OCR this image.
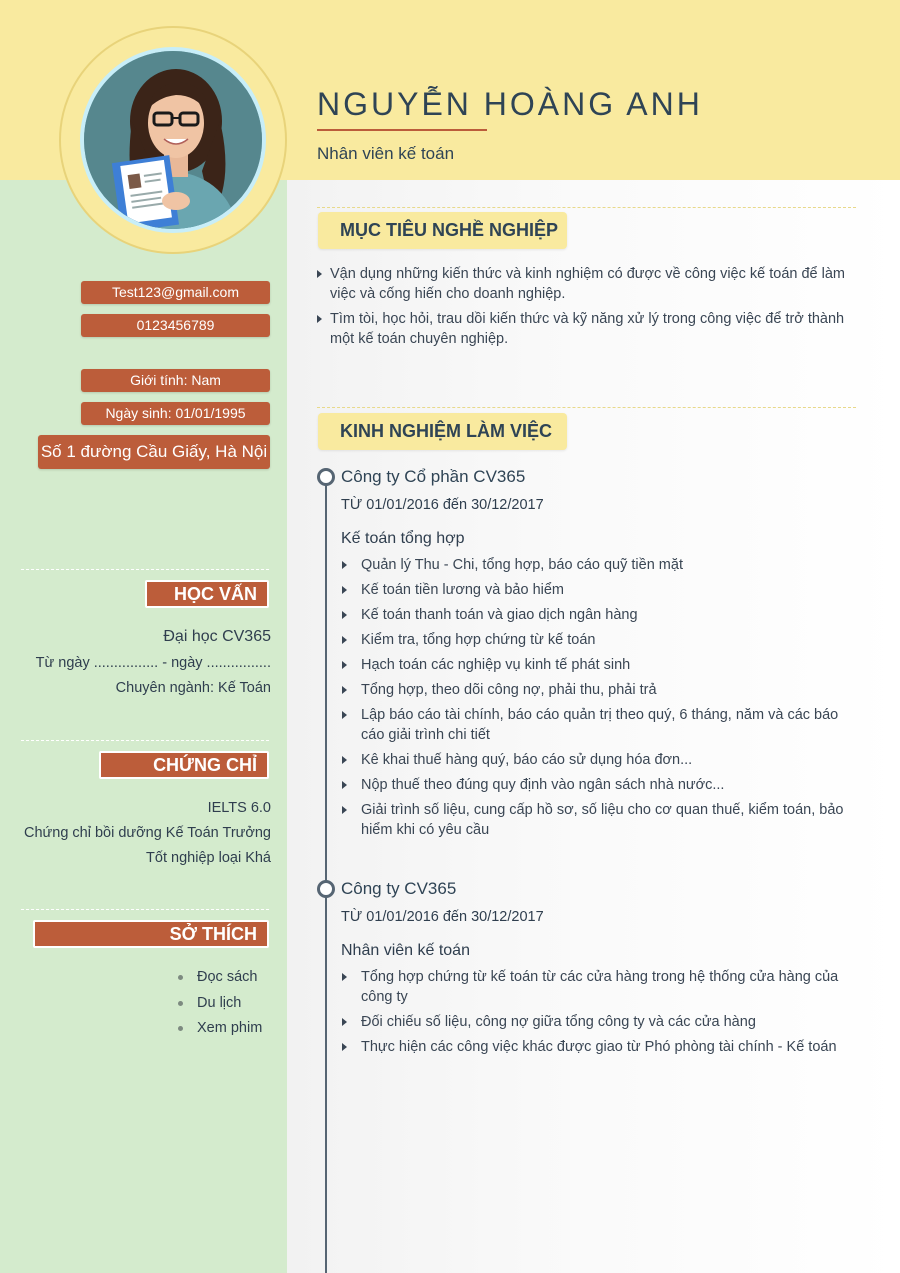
NGUYỄN HOÀNG ANH
Nhân viên kế toán
Test123@gmail.com
0123456789
Giới tính: Nam
Ngày sinh: 01/01/1995
Số 1 đường Cầu Giấy, Hà Nội
HỌC VẤN
Đại học CV365
Từ ngày ................ - ngày ................
Chuyên ngành: Kế Toán
CHỨNG CHỈ
IELTS 6.0
Chứng chỉ bồi dưỡng Kế Toán Trưởng
Tốt nghiệp loại Khá
SỞ THÍCH
Đọc sách
Du lịch
Xem phim
MỤC TIÊU NGHỀ NGHIỆP
Vận dụng những kiến thức và kinh nghiệm có được về công việc kế toán để làm việc và cống hiến cho doanh nghiệp.
Tìm tòi, học hỏi, trau dồi kiến thức và kỹ năng xử lý trong công việc để trở thành một kế toán chuyên nghiệp.
KINH NGHIỆM LÀM VIỆC
Công ty Cổ phần CV365
TỪ 01/01/2016 đến 30/12/2017
Kế toán tổng hợp
Quản lý Thu - Chi, tổng hợp, báo cáo quỹ tiền mặt
Kế toán tiền lương và bảo hiểm
Kế toán thanh toán và giao dịch ngân hàng
Kiểm tra, tổng hợp chứng từ kế toán
Hạch toán các nghiệp vụ kinh tế phát sinh
Tổng hợp, theo dõi công nợ, phải thu, phải trả
Lập báo cáo tài chính, báo cáo quản trị theo quý, 6 tháng, năm và các báo cáo giải trình chi tiết
Kê khai thuế hàng quý, báo cáo sử dụng hóa đơn...
Nộp thuế theo đúng quy định vào ngân sách nhà nước...
Giải trình số liệu, cung cấp hồ sơ, số liệu cho cơ quan thuế, kiểm toán, bảo hiểm khi có yêu cầu
Công ty CV365
TỪ 01/01/2016 đến 30/12/2017
Nhân viên kế toán
Tổng hợp chứng từ kế toán từ các cửa hàng trong hệ thống cửa hàng của công ty
Đối chiếu số liệu, công nợ giữa tổng công ty và các cửa hàng
Thực hiện các công việc khác được giao từ Phó phòng tài chính - Kế toán
